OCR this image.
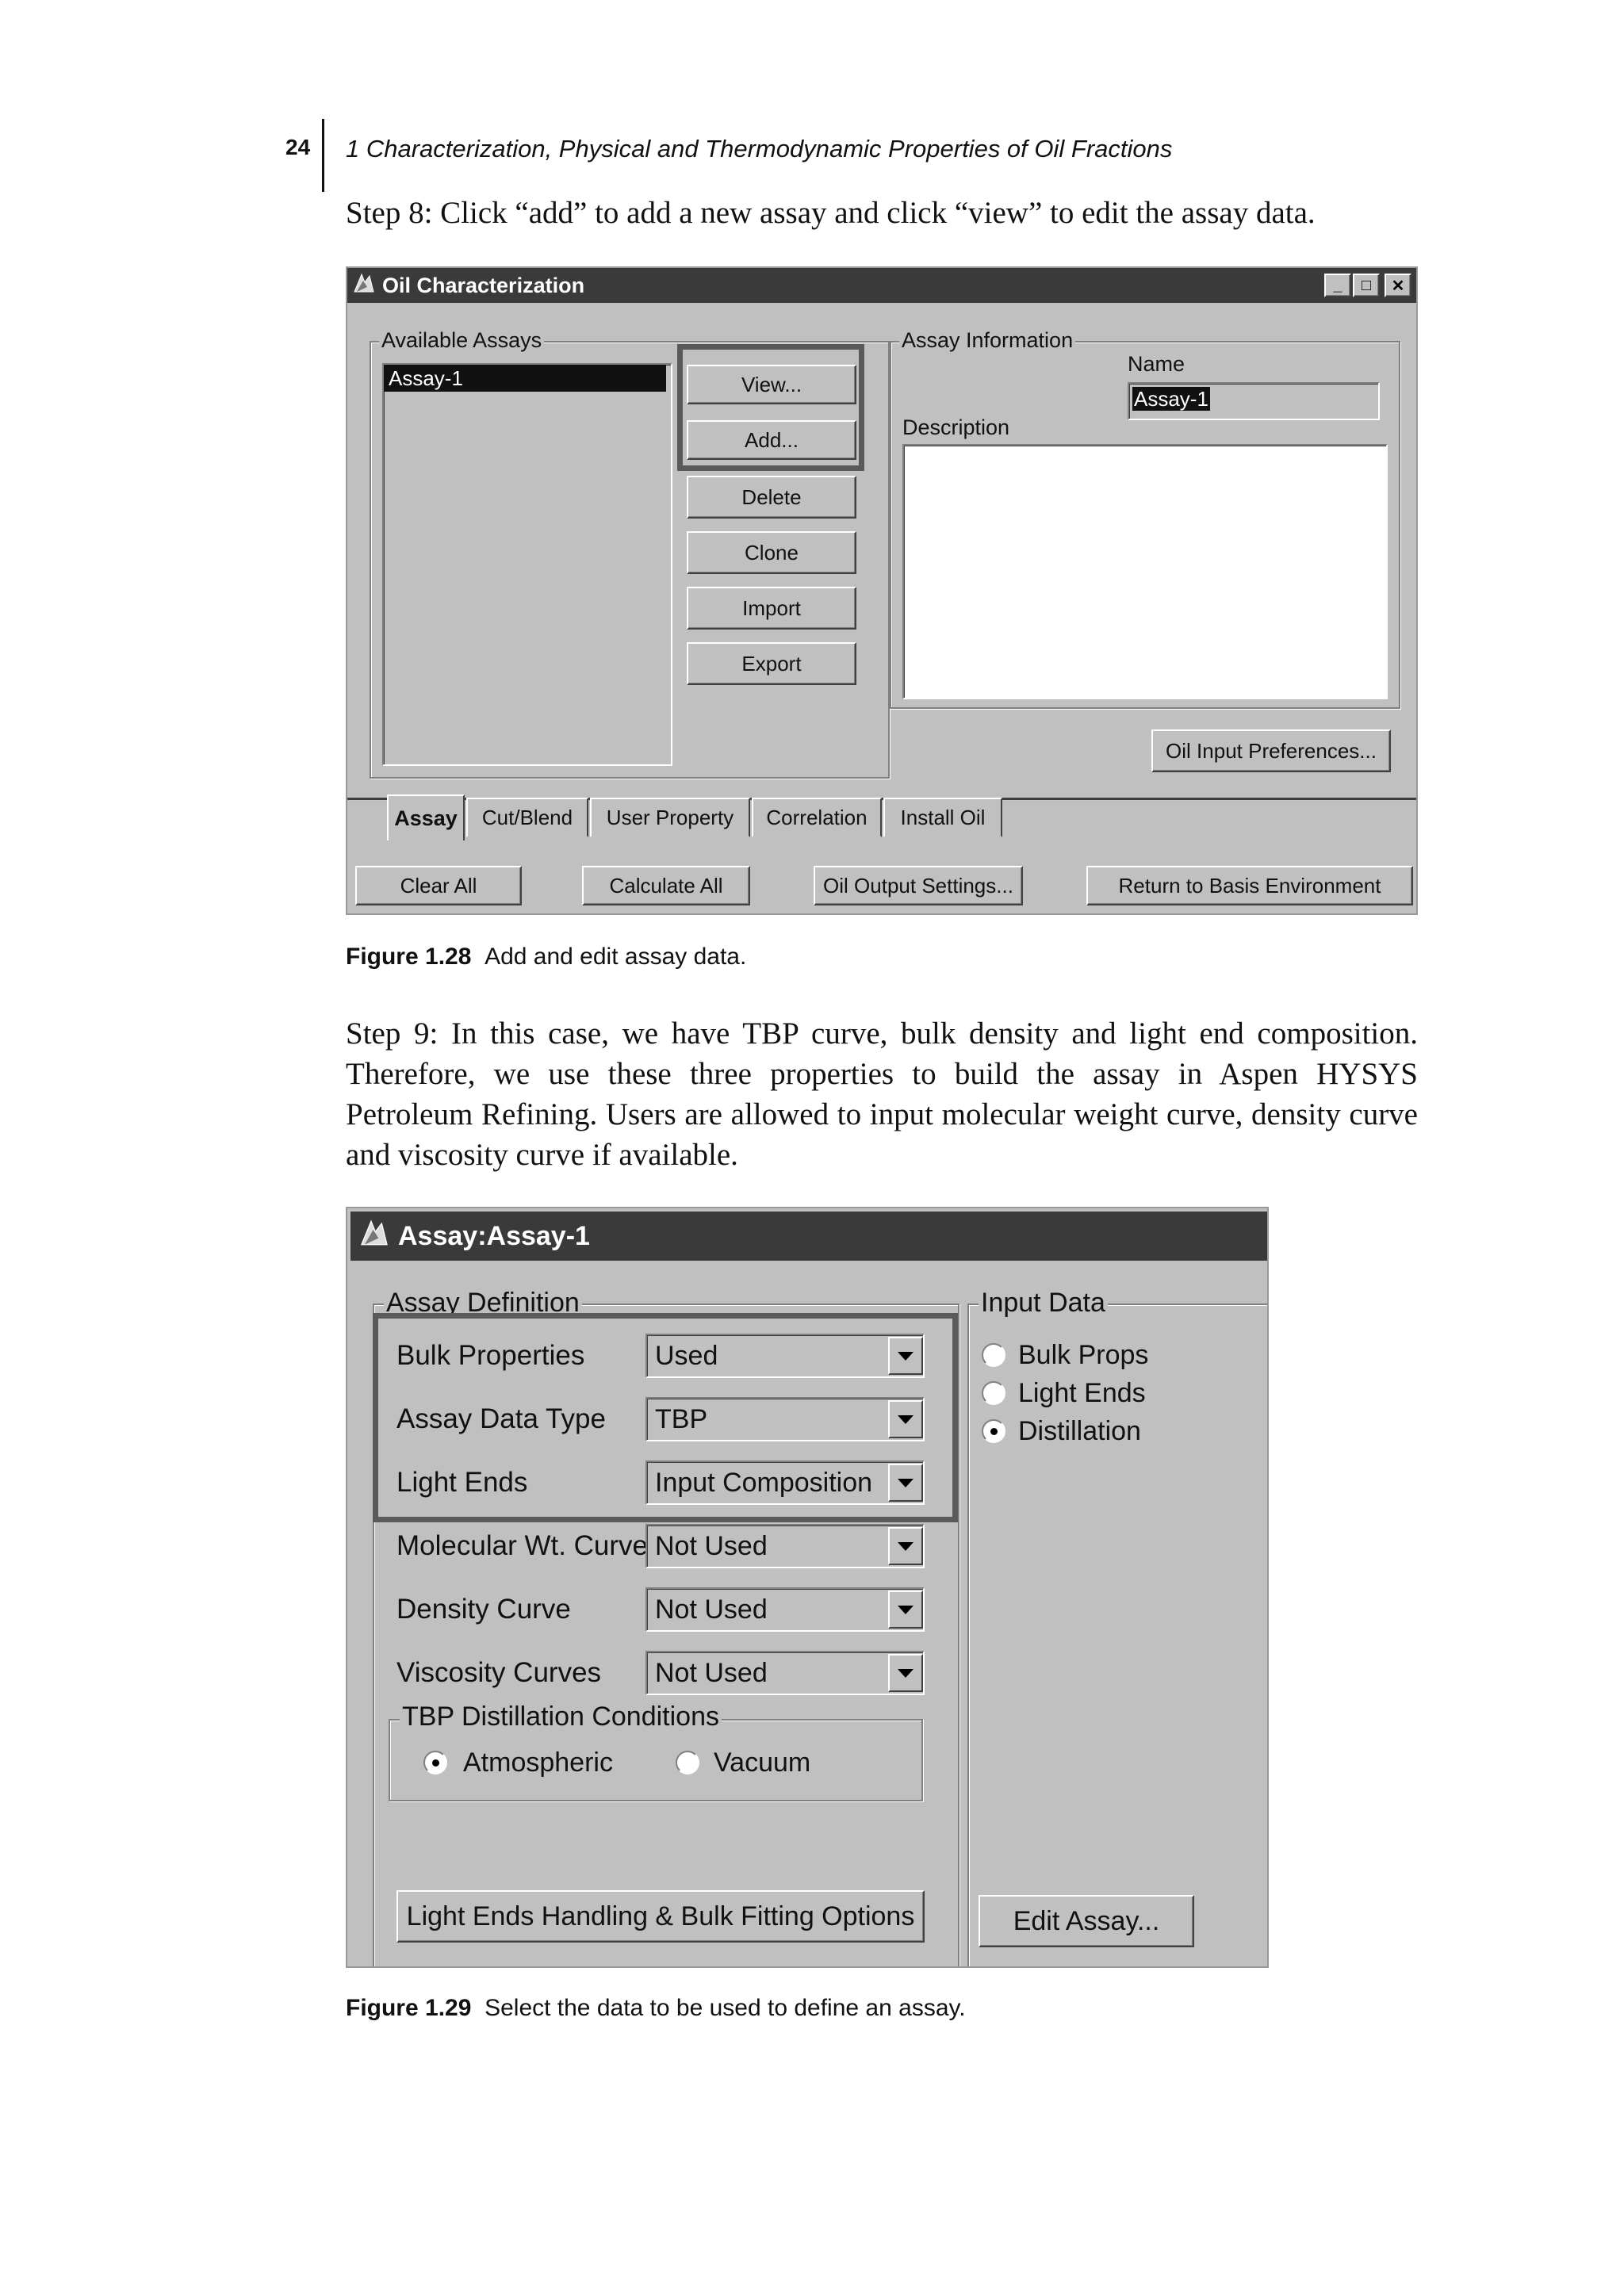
24 1 Characterization, Physical and Thermodynamic Properties of Oil Fractions
Step 8: Click “add” to add a new assay and click “view” to edit the assay data.
Oil Characterization	_	□	✕
Available Assays
Assay-1	View...
Add...
Delete
Clone
Import
Export
Assay Information
Name
Assay-1
Description
Oil Input Preferences...
Assay	Cut/Blend	User Property	Correlation	Install Oil
Clear All	Calculate All	Oil Output Settings...	Return to Basis Environment
Figure 1.28 Add and edit assay data.
Step 9: In this case, we have TBP curve, bulk density and light end composition. Therefore, we use these three properties to build the assay in Aspen HYSYS Petroleum Refining. Users are allowed to input molecular weight curve, density curve and viscosity curve if available.
Assay:Assay-1
Assay Definition
Bulk Properties	Used
Assay Data Type TBP
Light Ends	Input Composition
Molecular Wt. Curve Not Used
Density Curve	Not Used
Viscosity Curves Not Used
TBP Distillation Conditions
Atmospheric	Vacuum
Light Ends Handling & Bulk Fitting Options
Input Data
Bulk Props
Light Ends
Distillation
Edit Assay...
Figure 1.29 Select the data to be used to define an assay.
